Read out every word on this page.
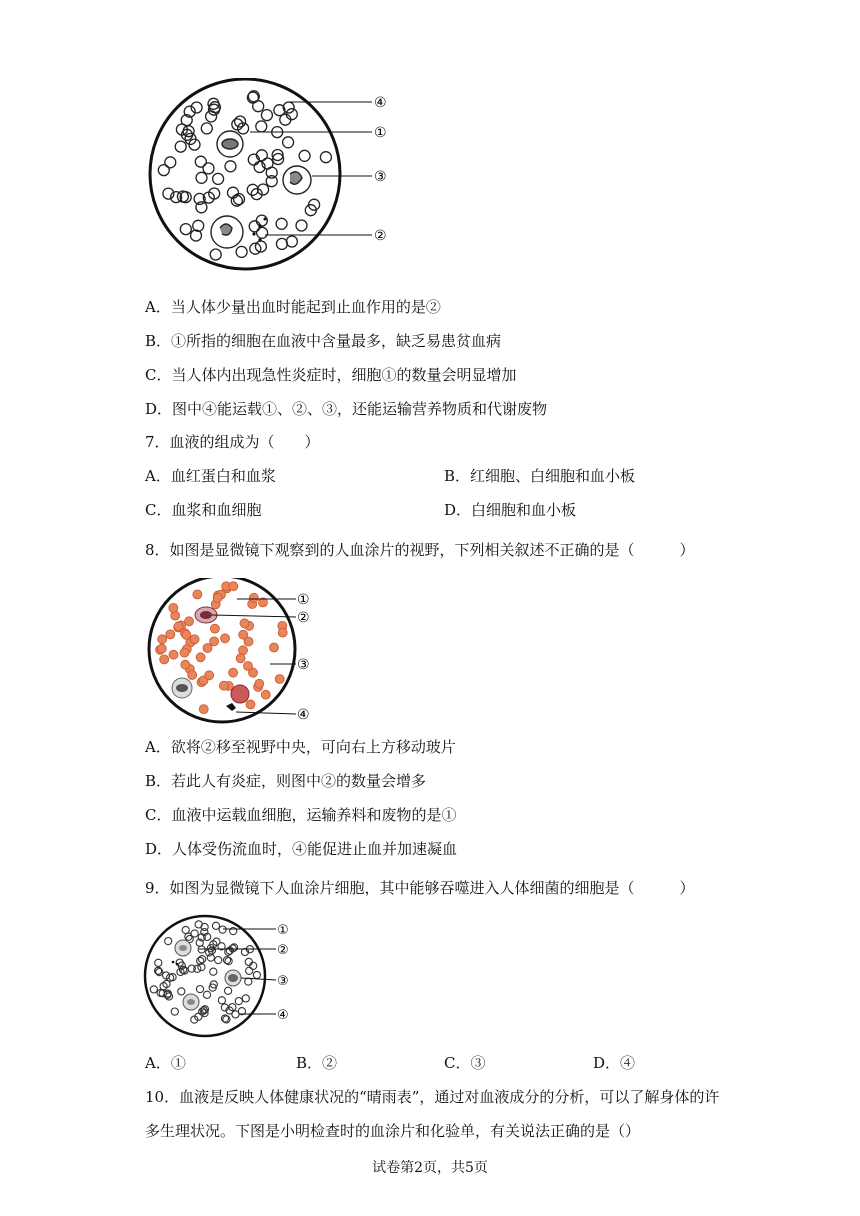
④
①
③
②
A．当人体少量出血时能起到止血作用的是②
B．①所指的细胞在血液中含量最多，缺乏易患贫血病
C．当人体内出现急性炎症时，细胞①的数量会明显增加
D．图中④能运载①、②、③，还能运输营养物质和代谢废物
7．血液的组成为（　　）
A．血红蛋白和血浆	B．红细胞、白细胞和血小板
C．血浆和血细胞	D．白细胞和血小板
8．如图是显微镜下观察到的人血涂片的视野，下列相关叙述不正确的是（　　　）
①
②
③
④
A．欲将②移至视野中央，可向右上方移动玻片
B．若此人有炎症，则图中②的数量会增多
C．血液中运载血细胞，运输养料和废物的是①
D．人体受伤流血时，④能促进止血并加速凝血
9．如图为显微镜下人血涂片细胞，其中能够吞噬进入人体细菌的细胞是（　　　）
①
②
③
④
A．①	B．②	C．③	D．④
10．血液是反映人体健康状况的“晴雨表”，通过对血液成分的分析，可以了解身体的许
多生理状况。下图是小明检查时的血涂片和化验单，有关说法正确的是（）
试卷第2页，共5页
